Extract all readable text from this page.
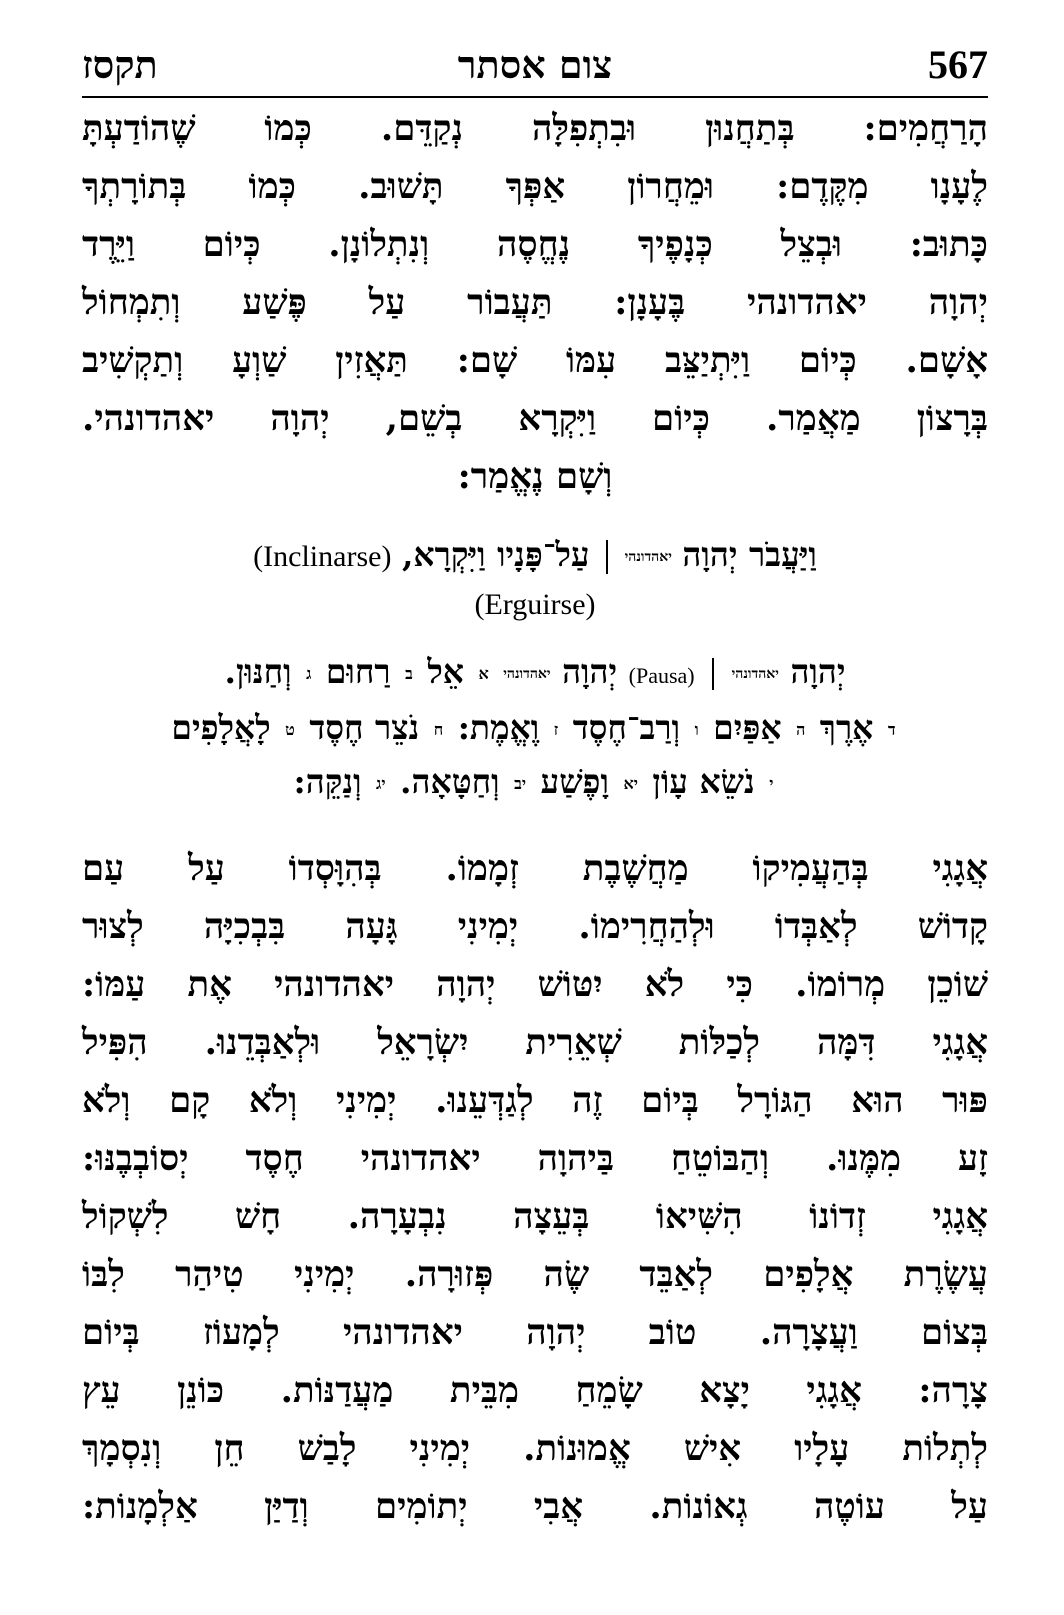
567
צום אסתר
תקסז
הָרַחֲמִים: בְּתַחֲנוּן וּבִתְפִלָּה נְקַדֵּם. כְּמוֹ שֶׁהוֹדַעְתָּ
לֶעָנָו מִקֶּדֶם: וּמֵחֲרוֹן אַפְּךָ תָּשׁוּב. כְּמוֹ בְּתוֹרָתְךָ
כָּתוּב: וּבְצֵל כְּנָפֶיךָ נֶחֱסֶה וְנִתְלוֹנָן. כְּיוֹם וַיֵּרֶד
יְהוָה יאהדונהי בֶּעָנָן: תַּעֲבוֹר עַל פֶּשַׁע וְתִמְחוֹל
אָשָׁם. כְּיוֹם וַיִּתְיַצֵּב עִמּוֹ שָׁם: תַּאֲזִין שַׁוְעָ וְתַקְשִׁיב
בְּרָצוֹן מַאֲמַר. כְּיוֹם וַיִּקְרָא בְשֵׁם, יְהוָה יאהדונהי.
וְשָׁם נֶאֱמַר:
וַיַּעֲבֹר יְהוָה יאהדונהי  עַל־פָּנָיו וַיִּקְרָא, (Inclinarse)
(Erguirse)
יְהוָה יאהדונהי  (Pausa) יְהוָה יאהדונהי א אֵל ב רַחוּם ג וְחַנּוּן.
ד אֶרֶךְ ה אַפַּיִם ו וְרַב־חֶסֶד ז וֶאֱמֶת: ח נֹצֵר חֶסֶד ט לָאֲלָפִים
י נֹשֵׂא עָוֹן יא וָפֶשַׁע יב וְחַטָּאָה. יג וְנַקֵּה:
אֲגָגִי בְּהַעֲמִיקוֹ מַחֲשֶׁבֶת זְמָמוֹ. בְּהִוָּסְדוֹ עַל עַם
קָדוֹשׁ לְאַבְּדוֹ וּלְהַחֲרִימוֹ. יְמִינִי גָּעָה בִּבְכִיָּה לְצוּר
שׁוֹכֵן מְרוֹמוֹ. כִּי לֹא יִטּוֹשׁ יְהוָה יאהדונהי אֶת עַמּוֹ:
אֲגָגִי דִּמָּה לְכַלּוֹת שְׁאֵרִית יִשְׂרָאֵל וּלְאַבְּדֵנוּ. הִפִּיל
פּוּר הוּא הַגּוֹרָל בְּיוֹם זֶה לְגַדְּעֵנוּ. יְמִינִי וְלֹא קָם וְלֹא
זָע מִמֶּנוּ. וְהַבּוֹטֵחַ בַּיהוָה יאהדונהי חֶסֶד יְסוֹבְבֶנּוּ:
אֲגָגִי זְדוֹנוֹ הִשִּׁיאוֹ בְּעֵצָה נִבְעָרָה. חָשׁ לִשְׁקוֹל
עֲשֶׂרֶת אֲלָפִים לְאַבֵּד שֶׂה פְּזוּרָה. יְמִינִי טִיהַר לִבּוֹ
בְּצוֹם וַעֲצָרָה. טוֹב יְהוָה יאהדונהי לְמָעוֹז בְּיוֹם
צָרָה: אֲגָגִי יָצָא שָׂמֵחַ מִבֵּית מַעֲדַנּוֹת. כּוֹנֵן עֵץ
לְתְלוֹת עָלָיו אִישׁ אֱמוּנוֹת. יְמִינִי לָבַשׁ חֵן וְנִסְמָךְ
עַל עוֹטֶה גְאוֹנוֹת. אֲבִי יְתוֹמִים וְדַיַּן אַלְמָנוֹת:
